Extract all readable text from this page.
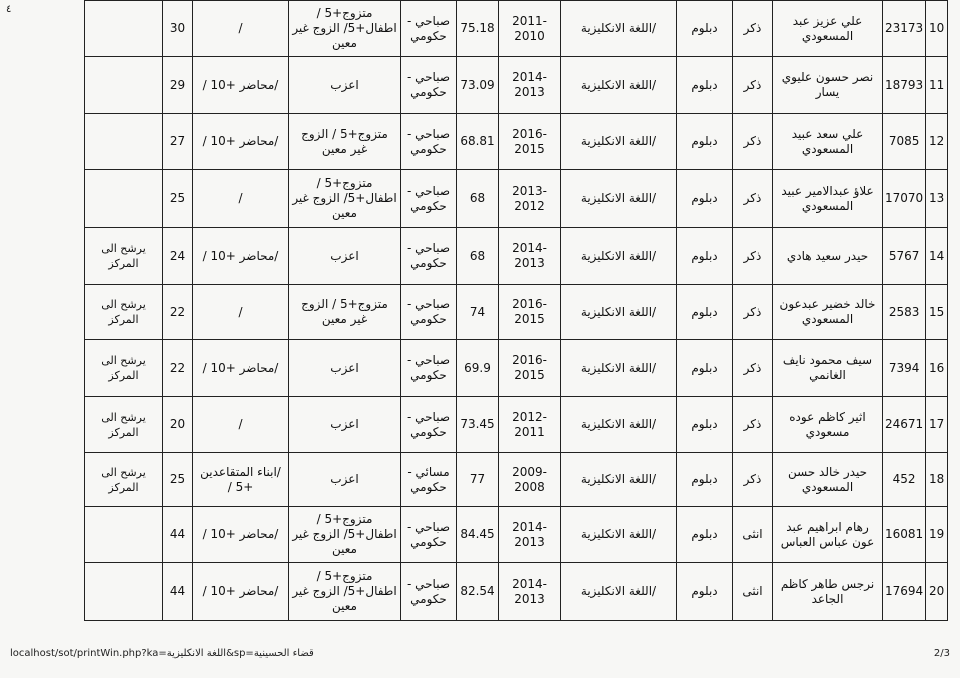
٤
10	23173	علي عزيز عبد المسعودي	ذكر	دبلوم	/اللغة الانكليزية	2011-2010	75.18	صباحي - حكومي	متزوج+5 / اطفال+5/ الزوج غير معين	/	30	
11	18793	نصر حسون عليوي يسار	ذكر	دبلوم	/اللغة الانكليزية	2014-2013	73.09	صباحي - حكومي	اعزب	/محاضر +10 /	29	
12	7085	علي سعد عبيد المسعودي	ذكر	دبلوم	/اللغة الانكليزية	2016-2015	68.81	صباحي - حكومي	متزوج+5 / الزوج غير معين	/محاضر +10 /	27	
13	17070	علاؤ عبدالامير عبيد المسعودي	ذكر	دبلوم	/اللغة الانكليزية	2013-2012	68	صباحي - حكومي	متزوج+5 / اطفال+5/ الزوج غير معين	/	25	
14	5767	حيدر سعيد هادي	ذكر	دبلوم	/اللغة الانكليزية	2014-2013	68	صباحي - حكومي	اعزب	/محاضر +10 /	24	يرشح الى المركز
15	2583	خالد خضير عبدعون المسعودي	ذكر	دبلوم	/اللغة الانكليزية	2016-2015	74	صباحي - حكومي	متزوج+5 / الزوج غير معين	/	22	يرشح الى المركز
16	7394	سيف محمود نايف الغانمي	ذكر	دبلوم	/اللغة الانكليزية	2016-2015	69.9	صباحي - حكومي	اعزب	/محاضر +10 /	22	يرشح الى المركز
17	24671	اثير كاظم عوده مسعودي	ذكر	دبلوم	/اللغة الانكليزية	2012-2011	73.45	صباحي - حكومي	اعزب	/	20	يرشح الى المركز
18	452	حيدر خالد حسن المسعودي	ذكر	دبلوم	/اللغة الانكليزية	2009-2008	77	مسائي - حكومي	اعزب	/ابناء المتقاعدين +5 /	25	يرشح الى المركز
19	16081	رهام ابراهيم عبد عون عباس العباس	انثى	دبلوم	/اللغة الانكليزية	2014-2013	84.45	صباحي - حكومي	متزوج+5 / اطفال+5/ الزوج غير معين	/محاضر +10 /	44	
20	17694	نرجس طاهر كاظم الجاعد	انثى	دبلوم	/اللغة الانكليزية	2014-2013	82.54	صباحي - حكومي	متزوج+5 / اطفال+5/ الزوج غير معين	/محاضر +10 /	44	
localhost/sot/printWin.php?ka=اللغة الانكليزية&sp=قضاء الحسينية	2/3
